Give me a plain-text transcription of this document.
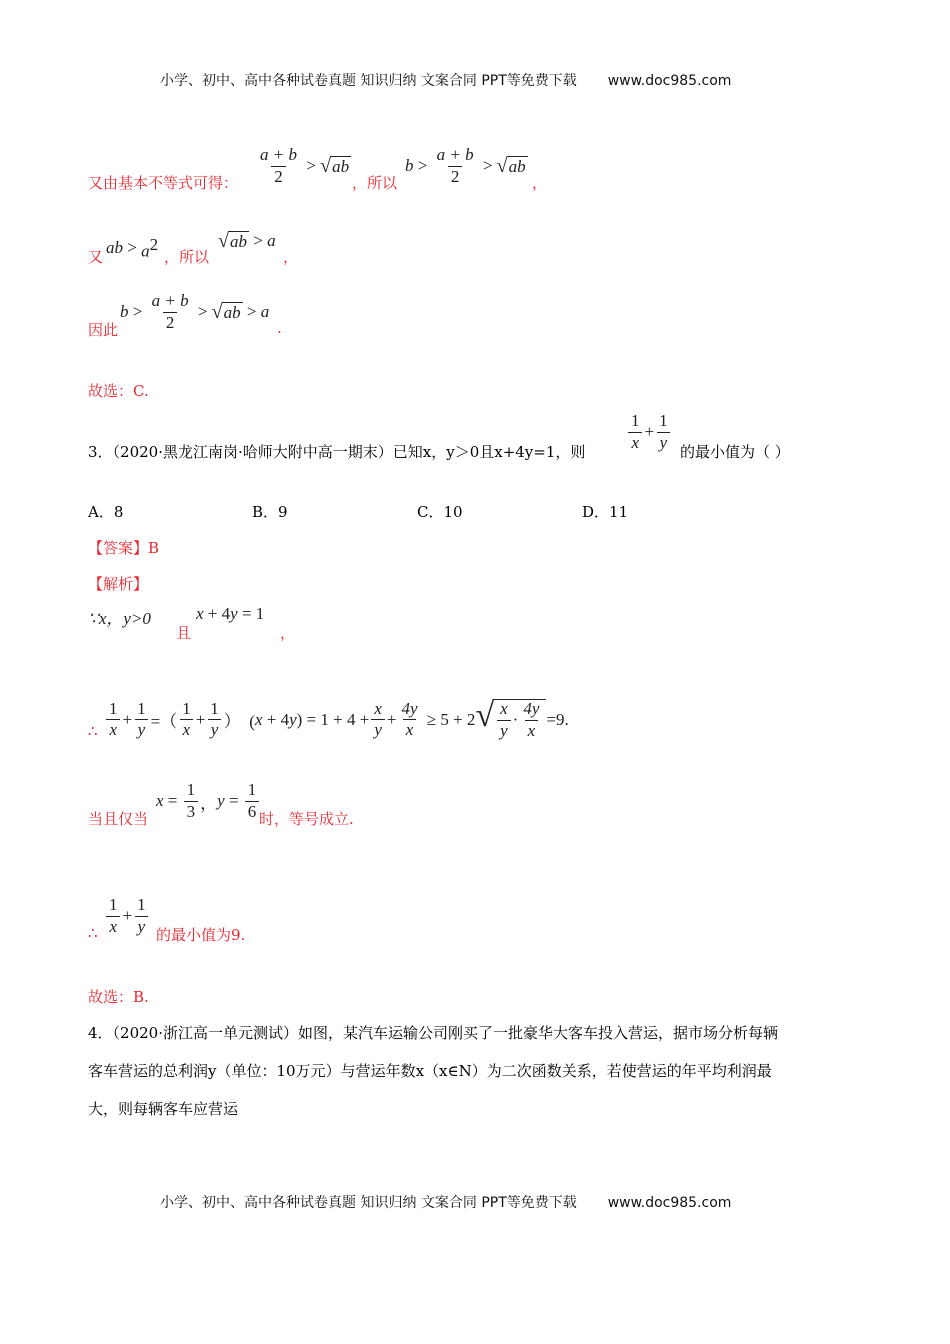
小学、初中、高中各种试卷真题 知识归纳 文案合同 PPT等免费下载 www.doc985.com
又由基本不等式可得： $\frac{a + b}{2}$ > √ ab
，所以
$b > \frac{a + b}{2}$ > √ ab
，
又 ab > $a^2$
，所以
√ ab > a
，
因此
$b > \frac{a + b}{2}$ > √ ab > a
.
故选：C.
3．（2020·黑龙江南岗·哈师大附中高一期末）已知x，y＞0且x+4y=1，则	$\frac{1}{x} + \frac{1}{y}$ 的最小值为（ ）
A．8	B．9	C．10	D．11
【答案】B
【解析】
∵x，y>0
且
x + 4 y = 1
，
∴ $\frac{1}{x} + \frac{1}{y}$ =（ $\frac{1}{x} + \frac{1}{y}$ ）  ( x + 4 y ) = $1 + 4 + \frac{x}{y} + \frac{4y}{x} \ge 5 + 2$ √ $\frac{x}{y} \cdot \frac{4y}{x} =9$.
当且仅当
$x = \frac{1}{3}$ ， $y = \frac{1}{6}$ 时，等号成立.
∴ $\frac{1}{x} + \frac{1}{y}$ 的最小值为9.
故选：B.
4．（2020·浙江高一单元测试）如图，某汽车运输公司刚买了一批豪华大客车投入营运，据市场分析每辆
客车营运的总利润y（单位：10万元）与营运年数x（x∈N）为二次函数关系，若使营运的年平均利润最
大，则每辆客车应营运
小学、初中、高中各种试卷真题 知识归纳 文案合同 PPT等免费下载 www.doc985.com
